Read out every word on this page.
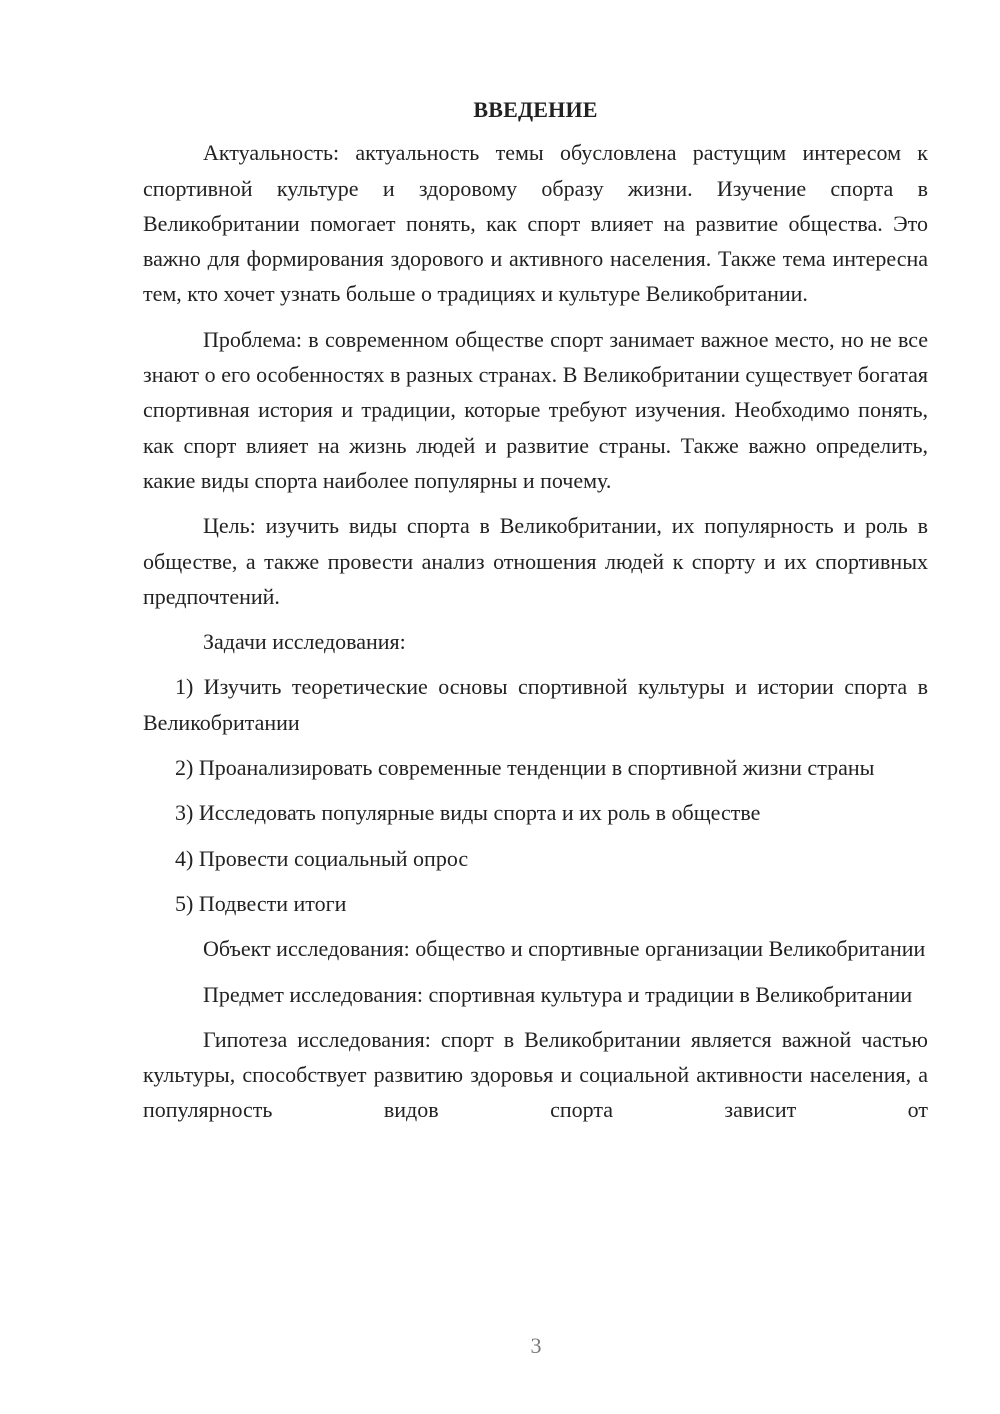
ВВЕДЕНИЕ

Актуальность: актуальность темы обусловлена растущим интересом к спортивной культуре и здоровому образу жизни. Изучение спорта в Великобритании помогает понять, как спорт влияет на развитие общества. Это важно для формирования здорового и активного населения. Также тема интересна тем, кто хочет узнать больше о традициях и культуре Великобритании.

Проблема: в современном обществе спорт занимает важное место, но не все знают о его особенностях в разных странах. В Великобритании существует богатая спортивная история и традиции, которые требуют изучения. Необходимо понять, как спорт влияет на жизнь людей и развитие страны. Также важно определить, какие виды спорта наиболее популярны и почему.

Цель: изучить виды спорта в Великобритании, их популярность и роль в обществе, а также провести анализ отношения людей к спорту и их спортивных предпочтений.

Задачи исследования:

1) Изучить теоретические основы спортивной культуры и истории спорта в Великобритании

2) Проанализировать современные тенденции в спортивной жизни страны

3) Исследовать популярные виды спорта и их роль в обществе

4) Провести социальный опрос

5) Подвести итоги

Объект исследования: общество и спортивные организации Великобритании

Предмет исследования: спортивная культура и традиции в Великобритании

Гипотеза исследования: спорт в Великобритании является важной частью культуры, способствует развитию здоровья и социальной активности населения, а популярность видов спорта зависит от

3
